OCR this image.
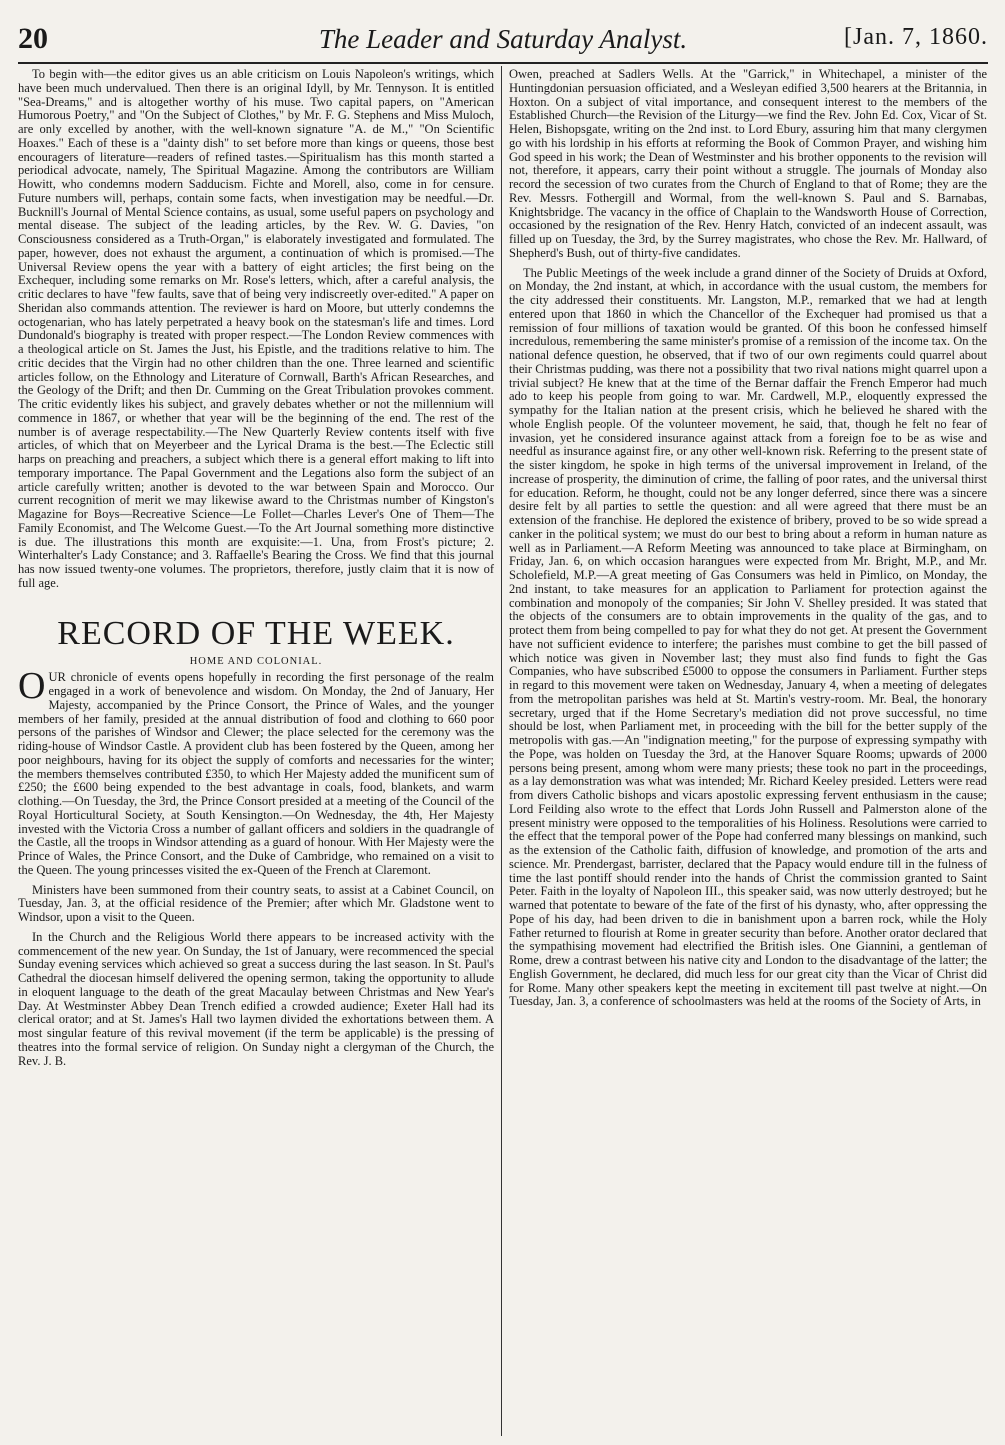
20	The Leader and Saturday Analyst.	[Jan. 7, 1860.

To begin with—the editor gives us an able criticism on Louis Napoleon's writings, which have been much undervalued. Then there is an original Idyll, by Mr. Tennyson. It is entitled "Sea-Dreams," and is altogether worthy of his muse. Two capital papers, on "American Humorous Poetry," and "On the Subject of Clothes," by Mr. F. G. Stephens and Miss Muloch, are only excelled by another, with the well-known signature "A. de M.," "On Scientific Hoaxes." Each of these is a "dainty dish" to set before more than kings or queens, those best encouragers of literature—readers of refined tastes.—Spiritualism has this month started a periodical advocate, namely, The Spiritual Magazine. Among the contributors are William Howitt, who condemns modern Sadducism. Fichte and Morell, also, come in for censure. Future numbers will, perhaps, contain some facts, when investigation may be needful.—Dr. Bucknill's Journal of Mental Science contains, as usual, some useful papers on psychology and mental disease. The subject of the leading articles, by the Rev. W. G. Davies, "on Consciousness considered as a Truth-Organ," is elaborately investigated and formulated. The paper, however, does not exhaust the argument, a continuation of which is promised.—The Universal Review opens the year with a battery of eight articles; the first being on the Exchequer, including some remarks on Mr. Rose's letters, which, after a careful analysis, the critic declares to have "few faults, save that of being very indiscreetly over-edited." A paper on Sheridan also commands attention. The reviewer is hard on Moore, but utterly condemns the octogenarian, who has lately perpetrated a heavy book on the statesman's life and times. Lord Dundonald's biography is treated with proper respect.—The London Review commences with a theological article on St. James the Just, his Epistle, and the traditions relative to him. The critic decides that the Virgin had no other children than the one. Three learned and scientific articles follow, on the Ethnology and Literature of Cornwall, Barth's African Researches, and the Geology of the Drift; and then Dr. Cumming on the Great Tribulation provokes comment. The critic evidently likes his subject, and gravely debates whether or not the millennium will commence in 1867, or whether that year will be the beginning of the end. The rest of the number is of average respectability.—The New Quarterly Review contents itself with five articles, of which that on Meyerbeer and the Lyrical Drama is the best.—The Eclectic still harps on preaching and preachers, a subject which there is a general effort making to lift into temporary importance. The Papal Government and the Legations also form the subject of an article carefully written; another is devoted to the war between Spain and Morocco. Our current recognition of merit we may likewise award to the Christmas number of Kingston's Magazine for Boys—Recreative Science—Le Follet—Charles Lever's One of Them—The Family Economist, and The Welcome Guest.—To the Art Journal something more distinctive is due. The illustrations this month are exquisite:—1. Una, from Frost's picture; 2. Winterhalter's Lady Constance; and 3. Raffaelle's Bearing the Cross. We find that this journal has now issued twenty-one volumes. The proprietors, therefore, justly claim that it is now of full age.

RECORD OF THE WEEK.
HOME AND COLONIAL.

OUR chronicle of events opens hopefully in recording the first personage of the realm engaged in a work of benevolence and wisdom. On Monday, the 2nd of January, Her Majesty, accompanied by the Prince Consort, the Prince of Wales, and the younger members of her family, presided at the annual distribution of food and clothing to 660 poor persons of the parishes of Windsor and Clewer; the place selected for the ceremony was the riding-house of Windsor Castle. A provident club has been fostered by the Queen, among her poor neighbours, having for its object the supply of comforts and necessaries for the winter; the members themselves contributed £350, to which Her Majesty added the munificent sum of £250; the £600 being expended to the best advantage in coals, food, blankets, and warm clothing.—On Tuesday, the 3rd, the Prince Consort presided at a meeting of the Council of the Royal Horticultural Society, at South Kensington.—On Wednesday, the 4th, Her Majesty invested with the Victoria Cross a number of gallant officers and soldiers in the quadrangle of the Castle, all the troops in Windsor attending as a guard of honour. With Her Majesty were the Prince of Wales, the Prince Consort, and the Duke of Cambridge, who remained on a visit to the Queen. The young princesses visited the ex-Queen of the French at Claremont.

Ministers have been summoned from their country seats, to assist at a Cabinet Council, on Tuesday, Jan. 3, at the official residence of the Premier; after which Mr. Gladstone went to Windsor, upon a visit to the Queen.

In the Church and the Religious World there appears to be increased activity with the commencement of the new year. On Sunday, the 1st of January, were recommenced the special Sunday evening services which achieved so great a success during the last season. In St. Paul's Cathedral the diocesan himself delivered the opening sermon, taking the opportunity to allude in eloquent language to the death of the great Macaulay between Christmas and New Year's Day. At Westminster Abbey Dean Trench edified a crowded audience; Exeter Hall had its clerical orator; and at St. James's Hall two laymen divided the exhortations between them. A most singular feature of this revival movement (if the term be applicable) is the pressing of theatres into the formal service of religion. On Sunday night a clergyman of the Church, the Rev. J. B.

Owen, preached at Sadlers Wells. At the "Garrick," in Whitechapel, a minister of the Huntingdonian persuasion officiated, and a Wesleyan edified 3,500 hearers at the Britannia, in Hoxton. On a subject of vital importance, and consequent interest to the members of the Established Church—the Revision of the Liturgy—we find the Rev. John Ed. Cox, Vicar of St. Helen, Bishopsgate, writing on the 2nd inst. to Lord Ebury, assuring him that many clergymen go with his lordship in his efforts at reforming the Book of Common Prayer, and wishing him God speed in his work; the Dean of Westminster and his brother opponents to the revision will not, therefore, it appears, carry their point without a struggle. The journals of Monday also record the secession of two curates from the Church of England to that of Rome; they are the Rev. Messrs. Fothergill and Wormal, from the well-known S. Paul and S. Barnabas, Knightsbridge. The vacancy in the office of Chaplain to the Wandsworth House of Correction, occasioned by the resignation of the Rev. Henry Hatch, convicted of an indecent assault, was filled up on Tuesday, the 3rd, by the Surrey magistrates, who chose the Rev. Mr. Hallward, of Shepherd's Bush, out of thirty-five candidates.

The Public Meetings of the week include a grand dinner of the Society of Druids at Oxford, on Monday, the 2nd instant, at which, in accordance with the usual custom, the members for the city addressed their constituents. Mr. Langston, M.P., remarked that we had at length entered upon that 1860 in which the Chancellor of the Exchequer had promised us that a remission of four millions of taxation would be granted. Of this boon he confessed himself incredulous, remembering the same minister's promise of a remission of the income tax. On the national defence question, he observed, that if two of our own regiments could quarrel about their Christmas pudding, was there not a possibility that two rival nations might quarrel upon a trivial subject? He knew that at the time of the Bernar daffair the French Emperor had much ado to keep his people from going to war. Mr. Cardwell, M.P., eloquently expressed the sympathy for the Italian nation at the present crisis, which he believed he shared with the whole English people. Of the volunteer movement, he said, that, though he felt no fear of invasion, yet he considered insurance against attack from a foreign foe to be as wise and needful as insurance against fire, or any other well-known risk. Referring to the present state of the sister kingdom, he spoke in high terms of the universal improvement in Ireland, of the increase of prosperity, the diminution of crime, the falling of poor rates, and the universal thirst for education. Reform, he thought, could not be any longer deferred, since there was a sincere desire felt by all parties to settle the question: and all were agreed that there must be an extension of the franchise. He deplored the existence of bribery, proved to be so wide spread a canker in the political system; we must do our best to bring about a reform in human nature as well as in Parliament.—A Reform Meeting was announced to take place at Birmingham, on Friday, Jan. 6, on which occasion harangues were expected from Mr. Bright, M.P., and Mr. Scholefield, M.P.—A great meeting of Gas Consumers was held in Pimlico, on Monday, the 2nd instant, to take measures for an application to Parliament for protection against the combination and monopoly of the companies; Sir John V. Shelley presided. It was stated that the objects of the consumers are to obtain improvements in the quality of the gas, and to protect them from being compelled to pay for what they do not get. At present the Government have not sufficient evidence to interfere; the parishes must combine to get the bill passed of which notice was given in November last; they must also find funds to fight the Gas Companies, who have subscribed £5000 to oppose the consumers in Parliament. Further steps in regard to this movement were taken on Wednesday, January 4, when a meeting of delegates from the metropolitan parishes was held at St. Martin's vestry-room. Mr. Beal, the honorary secretary, urged that if the Home Secretary's mediation did not prove successful, no time should be lost, when Parliament met, in proceeding with the bill for the better supply of the metropolis with gas.—An "indignation meeting," for the purpose of expressing sympathy with the Pope, was holden on Tuesday the 3rd, at the Hanover Square Rooms; upwards of 2000 persons being present, among whom were many priests; these took no part in the proceedings, as a lay demonstration was what was intended; Mr. Richard Keeley presided. Letters were read from divers Catholic bishops and vicars apostolic expressing fervent enthusiasm in the cause; Lord Feilding also wrote to the effect that Lords John Russell and Palmerston alone of the present ministry were opposed to the temporalities of his Holiness. Resolutions were carried to the effect that the temporal power of the Pope had conferred many blessings on mankind, such as the extension of the Catholic faith, diffusion of knowledge, and promotion of the arts and science. Mr. Prendergast, barrister, declared that the Papacy would endure till in the fulness of time the last pontiff should render into the hands of Christ the commission granted to Saint Peter. Faith in the loyalty of Napoleon III., this speaker said, was now utterly destroyed; but he warned that potentate to beware of the fate of the first of his dynasty, who, after oppressing the Pope of his day, had been driven to die in banishment upon a barren rock, while the Holy Father returned to flourish at Rome in greater security than before. Another orator declared that the sympathising movement had electrified the British isles. One Giannini, a gentleman of Rome, drew a contrast between his native city and London to the disadvantage of the latter; the English Government, he declared, did much less for our great city than the Vicar of Christ did for Rome. Many other speakers kept the meeting in excitement till past twelve at night.—On Tuesday, Jan. 3, a conference of schoolmasters was held at the rooms of the Society of Arts, in
